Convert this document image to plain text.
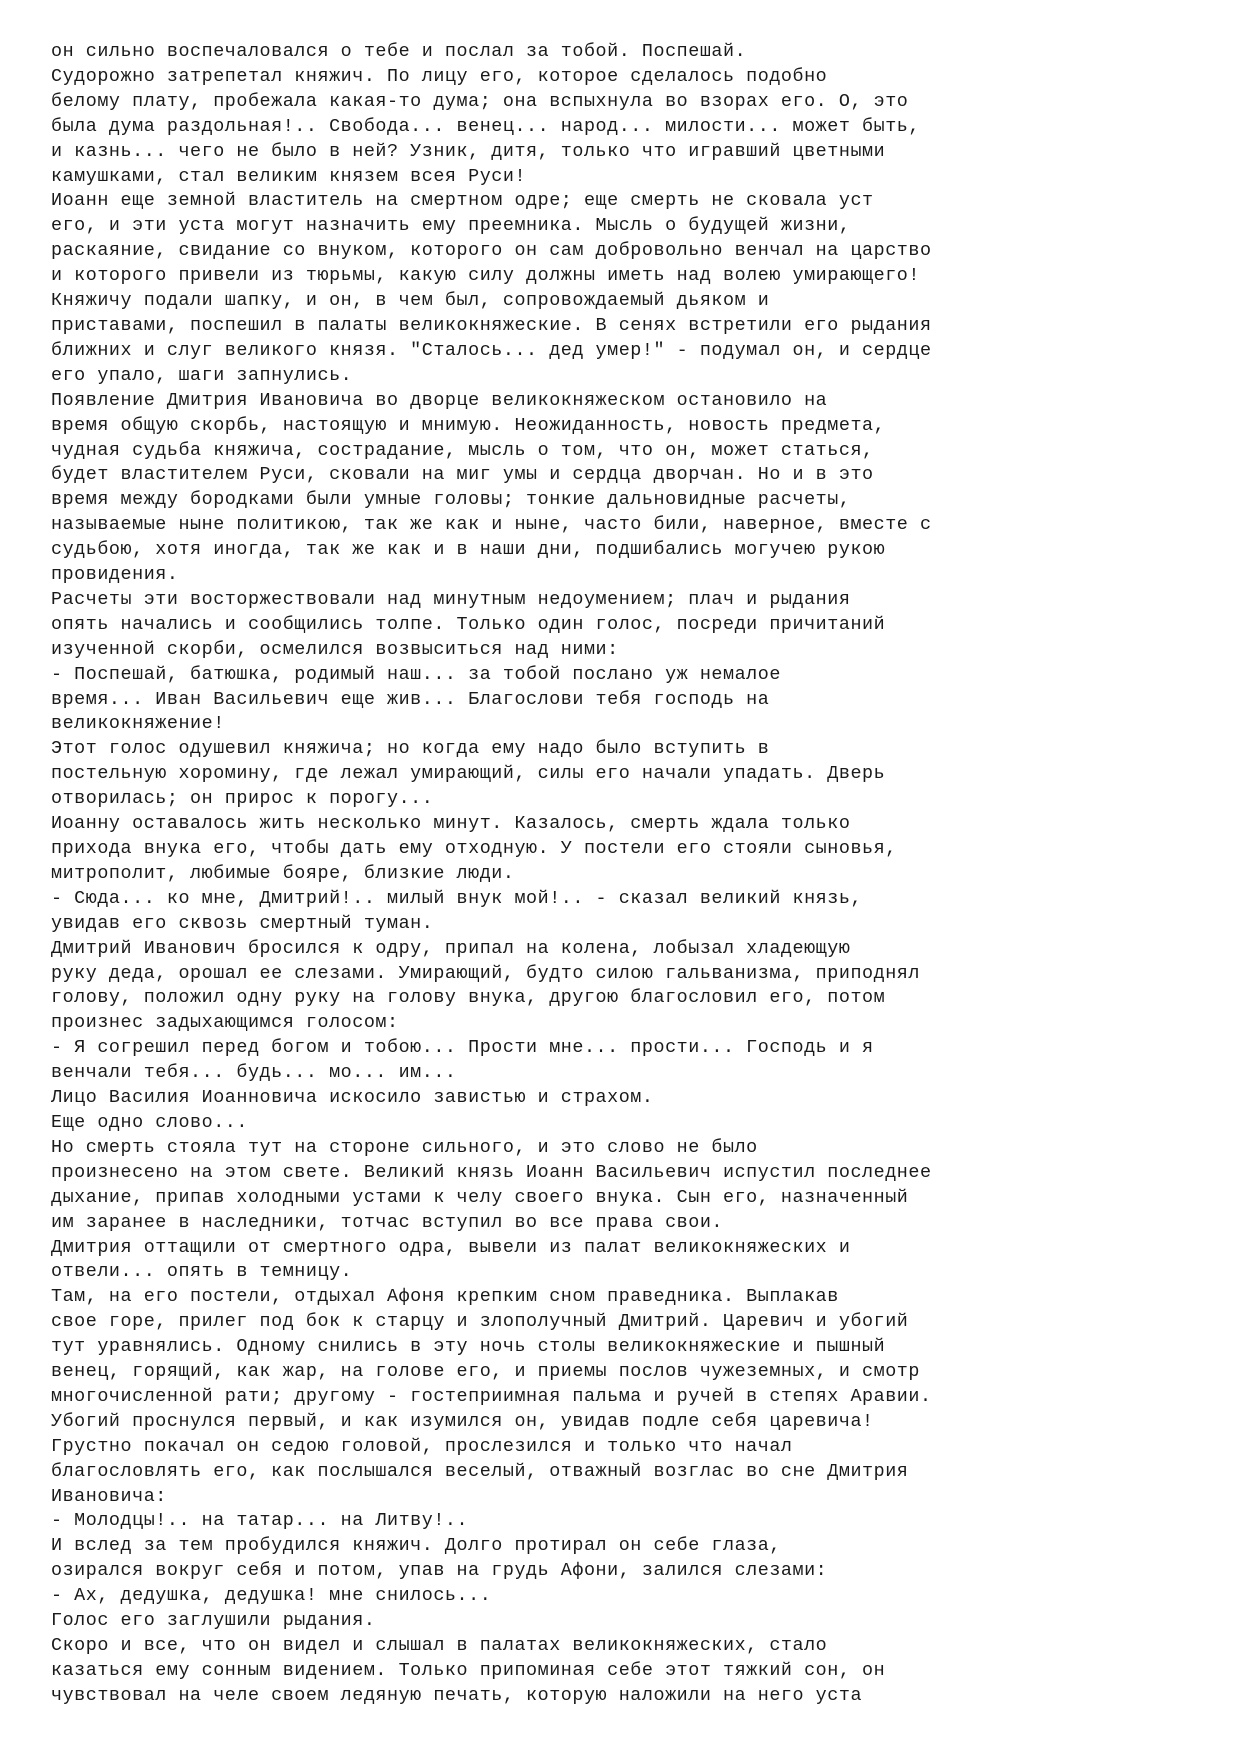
он сильно воспечаловался о тебе и послал за тобой. Поспешай.
Судорожно затрепетал княжич. По лицу его, которое сделалось подобно
белому плату, пробежала какая-то дума; она вспыхнула во взорах его. О, это
была дума раздольная!.. Свобода... венец... народ... милости... может быть,
и казнь... чего не было в ней? Узник, дитя, только что игравший цветными
камушками, стал великим князем всея Руси!
Иоанн еще земной властитель на смертном одре; еще смерть не сковала уст
его, и эти уста могут назначить ему преемника. Мысль о будущей жизни,
раскаяние, свидание со внуком, которого он сам добровольно венчал на царство
и которого привели из тюрьмы, какую силу должны иметь над волею умирающего!
Княжичу подали шапку, и он, в чем был, сопровождаемый дьяком и
приставами, поспешил в палаты великокняжеские. В сенях встретили его рыдания
ближних и слуг великого князя. "Сталось... дед умер!" - подумал он, и сердце
его упало, шаги запнулись.
Появление Дмитрия Ивановича во дворце великокняжеском остановило на
время общую скорбь, настоящую и мнимую. Неожиданность, новость предмета,
чудная судьба княжича, сострадание, мысль о том, что он, может статься,
будет властителем Руси, сковали на миг умы и сердца дворчан. Но и в это
время между бородками были умные головы; тонкие дальновидные расчеты,
называемые ныне политикою, так же как и ныне, часто били, наверное, вместе с
судьбою, хотя иногда, так же как и в наши дни, подшибались могучею рукою
провидения.
Расчеты эти восторжествовали над минутным недоумением; плач и рыдания
опять начались и сообщились толпе. Только один голос, посреди причитаний
изученной скорби, осмелился возвыситься над ними:
- Поспешай, батюшка, родимый наш... за тобой послано уж немалое
время... Иван Васильевич еще жив... Благослови тебя господь на
великокняжение!
Этот голос одушевил княжича; но когда ему надо было вступить в
постельную хоромину, где лежал умирающий, силы его начали упадать. Дверь
отворилась; он прирос к порогу...
Иоанну оставалось жить несколько минут. Казалось, смерть ждала только
прихода внука его, чтобы дать ему отходную. У постели его стояли сыновья,
митрополит, любимые бояре, близкие люди.
- Сюда... ко мне, Дмитрий!.. милый внук мой!.. - сказал великий князь,
увидав его сквозь смертный туман.
Дмитрий Иванович бросился к одру, припал на колена, лобызал хладеющую
руку деда, орошал ее слезами. Умирающий, будто силою гальванизма, приподнял
голову, положил одну руку на голову внука, другою благословил его, потом
произнес задыхающимся голосом:
- Я согрешил перед богом и тобою... Прости мне... прости... Господь и я
венчали тебя... будь... мо... им...
Лицо Василия Иоанновича искосило завистью и страхом.
Еще одно слово...
Но смерть стояла тут на стороне сильного, и это слово не было
произнесено на этом свете. Великий князь Иоанн Васильевич испустил последнее
дыхание, припав холодными устами к челу своего внука. Сын его, назначенный
им заранее в наследники, тотчас вступил во все права свои.
Дмитрия оттащили от смертного одра, вывели из палат великокняжеских и
отвели... опять в темницу.
Там, на его постели, отдыхал Афоня крепким сном праведника. Выплакав
свое горе, прилег под бок к старцу и злополучный Дмитрий. Царевич и убогий
тут уравнялись. Одному снились в эту ночь столы великокняжеские и пышный
венец, горящий, как жар, на голове его, и приемы послов чужеземных, и смотр
многочисленной рати; другому - гостеприимная пальма и ручей в степях Аравии.
Убогий проснулся первый, и как изумился он, увидав подле себя царевича!
Грустно покачал он седою головой, прослезился и только что начал
благословлять его, как послышался веселый, отважный возглас во сне Дмитрия
Ивановича:
- Молодцы!.. на татар... на Литву!..
И вслед за тем пробудился княжич. Долго протирал он себе глаза,
озирался вокруг себя и потом, упав на грудь Афони, залился слезами:
- Ах, дедушка, дедушка! мне снилось...
Голос его заглушили рыдания.
Скоро и все, что он видел и слышал в палатах великокняжеских, стало
казаться ему сонным видением. Только припоминая себе этот тяжкий сон, он
чувствовал на челе своем ледяную печать, которую наложили на него уста
